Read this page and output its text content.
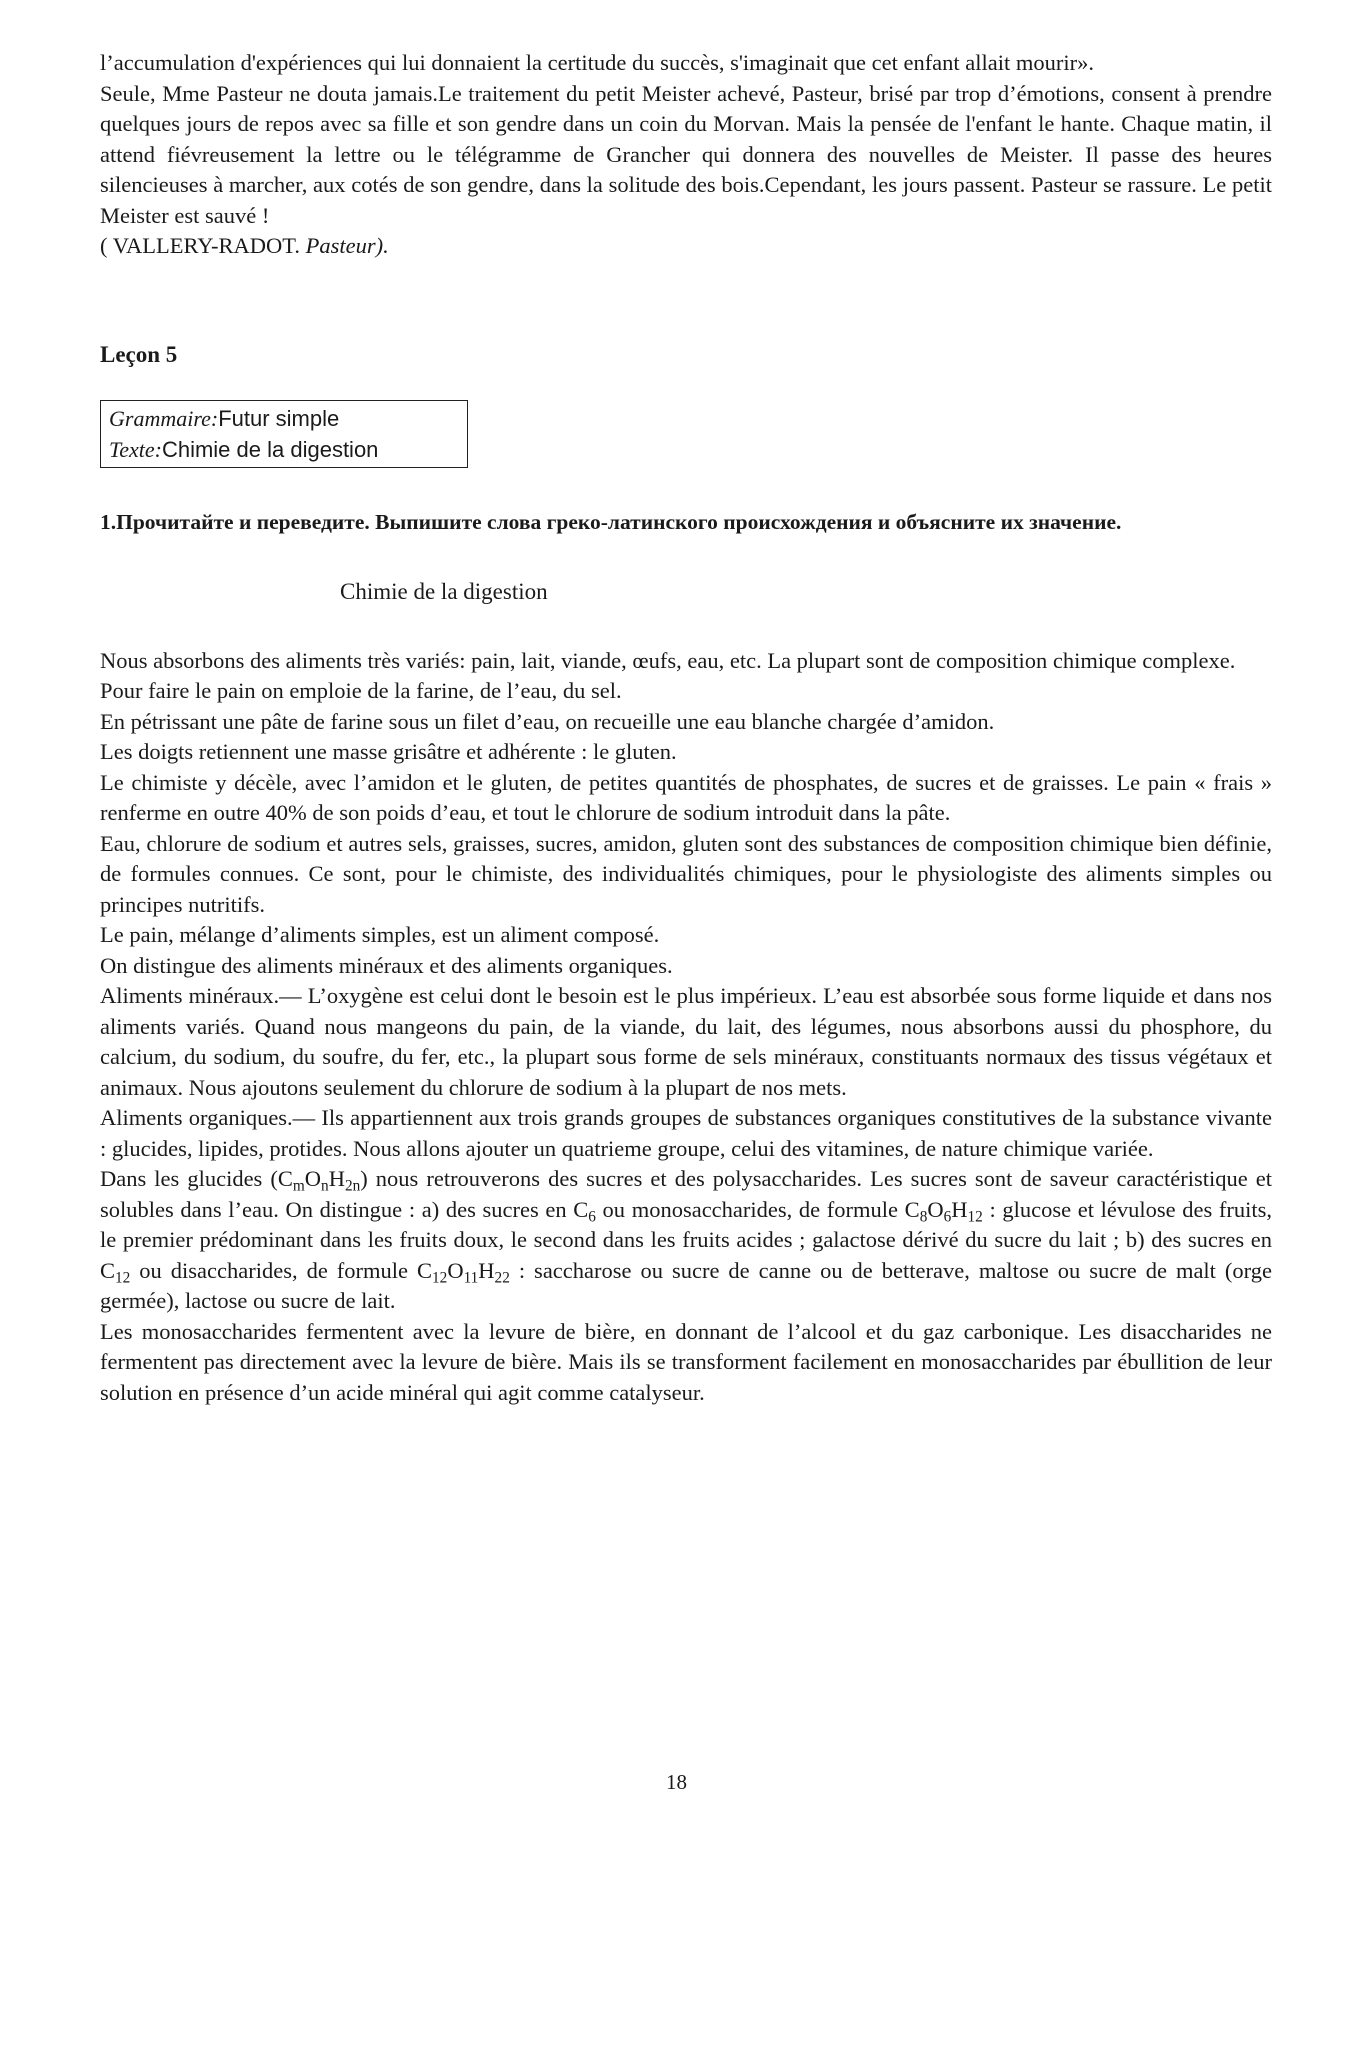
l’accumulation d'expériences qui lui donnaient la certitude du succès, s'imaginait que cet enfant allait mourir».

Seule, Mme Pasteur ne douta jamais.Le traitement du petit Meister achevé, Pasteur, brisé par trop d’émotions, consent à prendre quelques jours de repos avec sa fille et son gendre dans un coin du Morvan. Mais la pensée de l'enfant le hante. Chaque matin, il attend fiévreusement la lettre ou le télégramme de Grancher qui donnera des nouvelles de Meister. Il passe des heures silencieuses à marcher, aux cotés de son gendre, dans la solitude des bois.Cependant, les jours passent. Pasteur se rassure. Le petit Meister est sauvé !

( VALLERY-RADOT. Pasteur).

Leçon 5
Grammaire:Futur simple
Texte:Chimie de la digestion
1.Прочитайте и переведите. Выпишите слова греко-латинского происхождения и объясните их значение.
Chimie de la digestion

Nous absorbons des aliments très variés: pain, lait, viande, œufs, eau, etc. La plupart sont de composition chimique complexe.

Pour faire le pain on emploie de la farine, de l’eau, du sel.

En pétrissant une pâte de farine sous un filet d’eau, on recueille une eau blanche chargée d’amidon.

Les doigts retiennent une masse grisâtre et adhérente : le gluten.

Le chimiste y décèle, avec l’amidon et le gluten, de petites quantités de phosphates, de sucres et de graisses. Le pain « frais » renferme en outre 40% de son poids d’eau, et tout le chlorure de sodium introduit dans la pâte.

Eau, chlorure de sodium et autres sels, graisses, sucres, amidon, gluten sont des substances de composition chimique bien définie, de formules connues. Ce sont, pour le chimiste, des individualités chimiques, pour le physiologiste des aliments simples ou principes nutritifs.

Le pain, mélange d’aliments simples, est un aliment composé.

On distingue des aliments minéraux et des aliments organiques.

Aliments minéraux.— L’oxygène est celui dont le besoin est le plus impérieux. L’eau est absorbée sous forme liquide et dans nos aliments variés. Quand nous mangeons du pain, de la viande, du lait, des légumes, nous absorbons aussi du phosphore, du calcium, du sodium, du soufre, du fer, etc., la plupart sous forme de sels minéraux, constituants normaux des tissus végétaux et animaux. Nous ajoutons seulement du chlorure de sodium à la plupart de nos mets.

Aliments organiques.— Ils appartiennent aux trois grands groupes de substances organiques constitutives de la substance vivante : glucides, lipides, protides. Nous allons ajouter un quatrieme groupe, celui des vitamines, de nature chimique variée.

Dans les glucides $(C_mO_nH_{2n})$ nous retrouverons des sucres et des polysaccharides. Les sucres sont de saveur caractéristique et solubles dans l’eau. On distingue : a) des sucres en $C_6$ ou monosaccharides, de formule $C_8O_6H_{12}$ : glucose et lévulose des fruits, le premier prédominant dans les fruits doux, le second dans les fruits acides ; galactose dérivé du sucre du lait ; b) des sucres en $C_{12}$ ou disaccharides, de formule $C_{12}O_{11}H_{22}$ : saccharose ou sucre de canne ou de betterave, maltose ou sucre de malt (orge germée), lactose ou sucre de lait.

Les monosaccharides fermentent avec la levure de bière, en donnant de l’alcool et du gaz carbonique. Les disaccharides ne fermentent pas directement avec la levure de bière. Mais ils se transforment facilement en monosaccharides par ébullition de leur solution en présence d’un acide minéral qui agit comme catalyseur.

18
